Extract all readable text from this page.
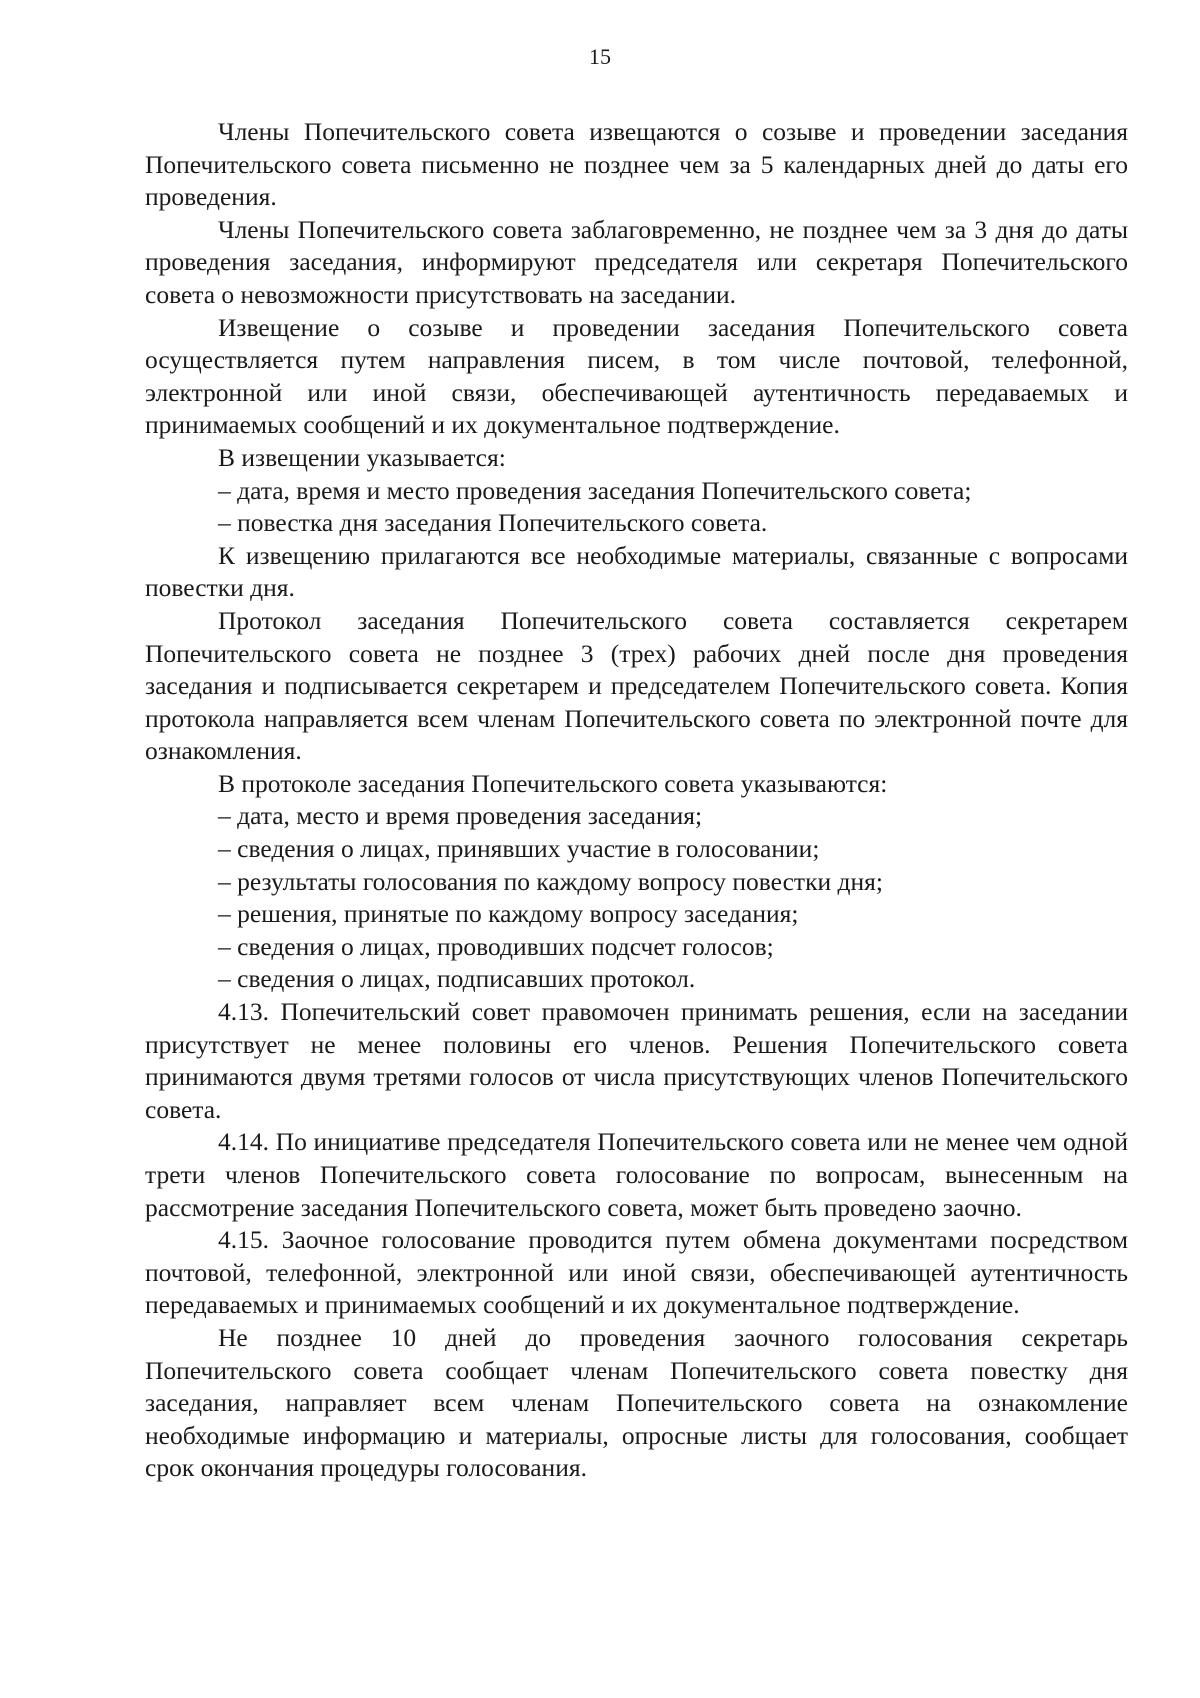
15

Члены Попечительского совета извещаются о созыве и проведении заседания Попечительского совета письменно не позднее чем за 5 календарных дней до даты его проведения.

Члены Попечительского совета заблаговременно, не позднее чем за 3 дня до даты проведения заседания, информируют председателя или секретаря Попечительского совета о невозможности присутствовать на заседании.

Извещение о созыве и проведении заседания Попечительского совета осуществляется путем направления писем, в том числе почтовой, телефонной, электронной или иной связи, обеспечивающей аутентичность передаваемых и принимаемых сообщений и их документальное подтверждение.

В извещении указывается:

– дата, время и место проведения заседания Попечительского совета;

– повестка дня заседания Попечительского совета.

К извещению прилагаются все необходимые материалы, связанные с вопросами повестки дня.

Протокол заседания Попечительского совета составляется секретарем Попечительского совета не позднее 3 (трех) рабочих дней после дня проведения заседания и подписывается секретарем и председателем Попечительского совета. Копия протокола направляется всем членам Попечительского совета по электронной почте для ознакомления.

В протоколе заседания Попечительского совета указываются:

– дата, место и время проведения заседания;

– сведения о лицах, принявших участие в голосовании;

– результаты голосования по каждому вопросу повестки дня;

– решения, принятые по каждому вопросу заседания;

– сведения о лицах, проводивших подсчет голосов;

– сведения о лицах, подписавших протокол.

4.13. Попечительский совет правомочен принимать решения, если на заседании присутствует не менее половины его членов. Решения Попечительского совета принимаются двумя третями голосов от числа присутствующих членов Попечительского совета.

4.14. По инициативе председателя Попечительского совета или не менее чем одной трети членов Попечительского совета голосование по вопросам, вынесенным на рассмотрение заседания Попечительского совета, может быть проведено заочно.

4.15. Заочное голосование проводится путем обмена документами посредством почтовой, телефонной, электронной или иной связи, обеспечивающей аутентичность передаваемых и принимаемых сообщений и их документальное подтверждение.

Не позднее 10 дней до проведения заочного голосования секретарь Попечительского совета сообщает членам Попечительского совета повестку дня заседания, направляет всем членам Попечительского совета на ознакомление необходимые информацию и материалы, опросные листы для голосования, сообщает срок окончания процедуры голосования.
